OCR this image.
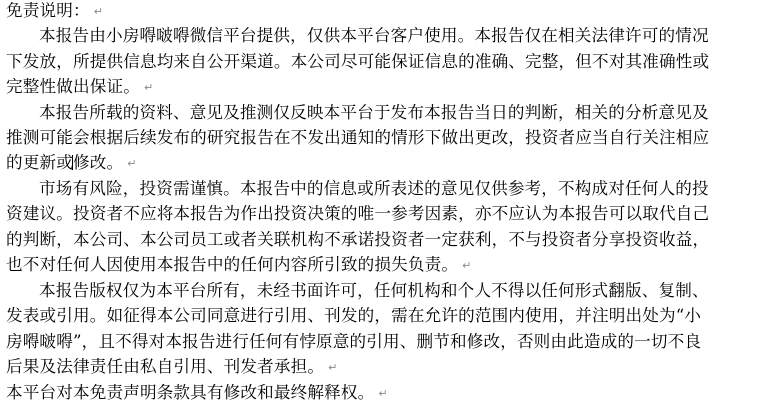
免责说明： ↵
本报告由小房嘚啵嘚微信平台提供，仅供本平台客户使用。本报告仅在相关法律许可的情况
下发放，所提供信息均来自公开渠道。本公司尽可能保证信息的准确、完整，但不对其准确性或
完整性做出保证。 ↵
本报告所载的资料、意见及推测仅反映本平台于发布本报告当日的判断，相关的分析意见及
推测可能会根据后续发布的研究报告在不发出通知的情形下做出更改，投资者应当自行关注相应
的更新或修改。 ↵
市场有风险，投资需谨慎。本报告中的信息或所表述的意见仅供参考，不构成对任何人的投
资建议。投资者不应将本报告为作出投资决策的唯一参考因素，亦不应认为本报告可以取代自己
的判断，本公司、本公司员工或者关联机构不承诺投资者一定获利，不与投资者分享投资收益，
也不对任何人因使用本报告中的任何内容所引致的损失负责。 ↵
本报告版权仅为本平台所有，未经书面许可，任何机构和个人不得以任何形式翻版、复制、
发表或引用。如征得本公司同意进行引用、刊发的，需在允许的范围内使用，并注明出处为“小
房嘚啵嘚”，且不得对本报告进行任何有悖原意的引用、删节和修改，否则由此造成的一切不良
后果及法律责任由私自引用、刊发者承担。 ↵
本平台对本免责声明条款具有修改和最终解释权。 ↵
